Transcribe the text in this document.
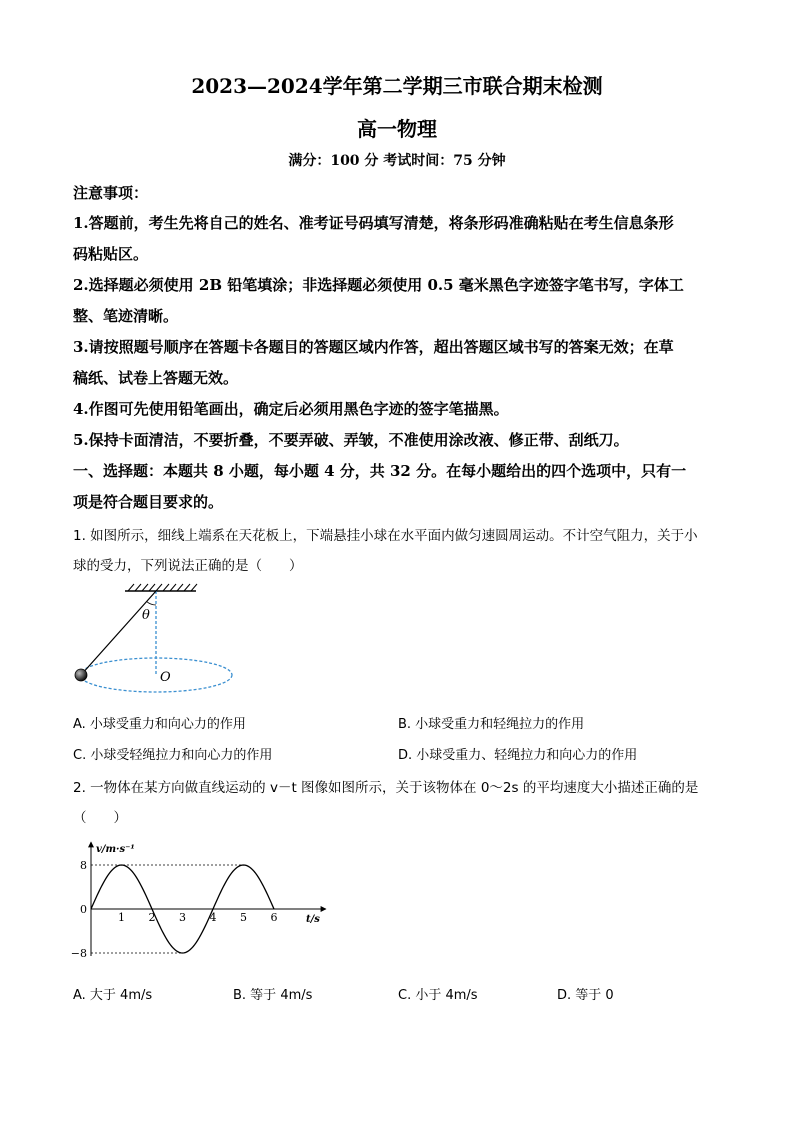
2023—2024学年第二学期三市联合期末检测
高一物理
满分：100 分 考试时间：75 分钟
注意事项：
1.答题前，考生先将自己的姓名、准考证号码填写清楚，将条形码准确粘贴在考生信息条形
码粘贴区。
2.选择题必须使用 2B 铅笔填涂；非选择题必须使用 0.5 毫米黑色字迹签字笔书写，字体工
整、笔迹清晰。
3.请按照题号顺序在答题卡各题目的答题区域内作答，超出答题区域书写的答案无效；在草
稿纸、试卷上答题无效。
4.作图可先使用铅笔画出，确定后必须用黑色字迹的签字笔描黑。
5.保持卡面清洁，不要折叠，不要弄破、弄皱，不准使用涂改液、修正带、刮纸刀。
一、选择题：本题共 8 小题，每小题 4 分，共 32 分。在每小题给出的四个选项中，只有一
项是符合题目要求的。
1. 如图所示，细线上端系在天花板上，下端悬挂小球在水平面内做匀速圆周运动。不计空气阻力，关于小
球的受力，下列说法正确的是（　　）
θ
O
A. 小球受重力和向心力的作用	B. 小球受重力和轻绳拉力的作用
C. 小球受轻绳拉力和向心力的作用	D. 小球受重力、轻绳拉力和向心力的作用
2. 一物体在某方向做直线运动的 v－t 图像如图所示，关于该物体在 0～2s 的平均速度大小描述正确的是
（　　）
1 2 3 4 5 6
8
0
−8
v/m·s⁻¹
t/s
A. 大于 4m/s	B. 等于 4m/s	C. 小于 4m/s	D. 等于 0
